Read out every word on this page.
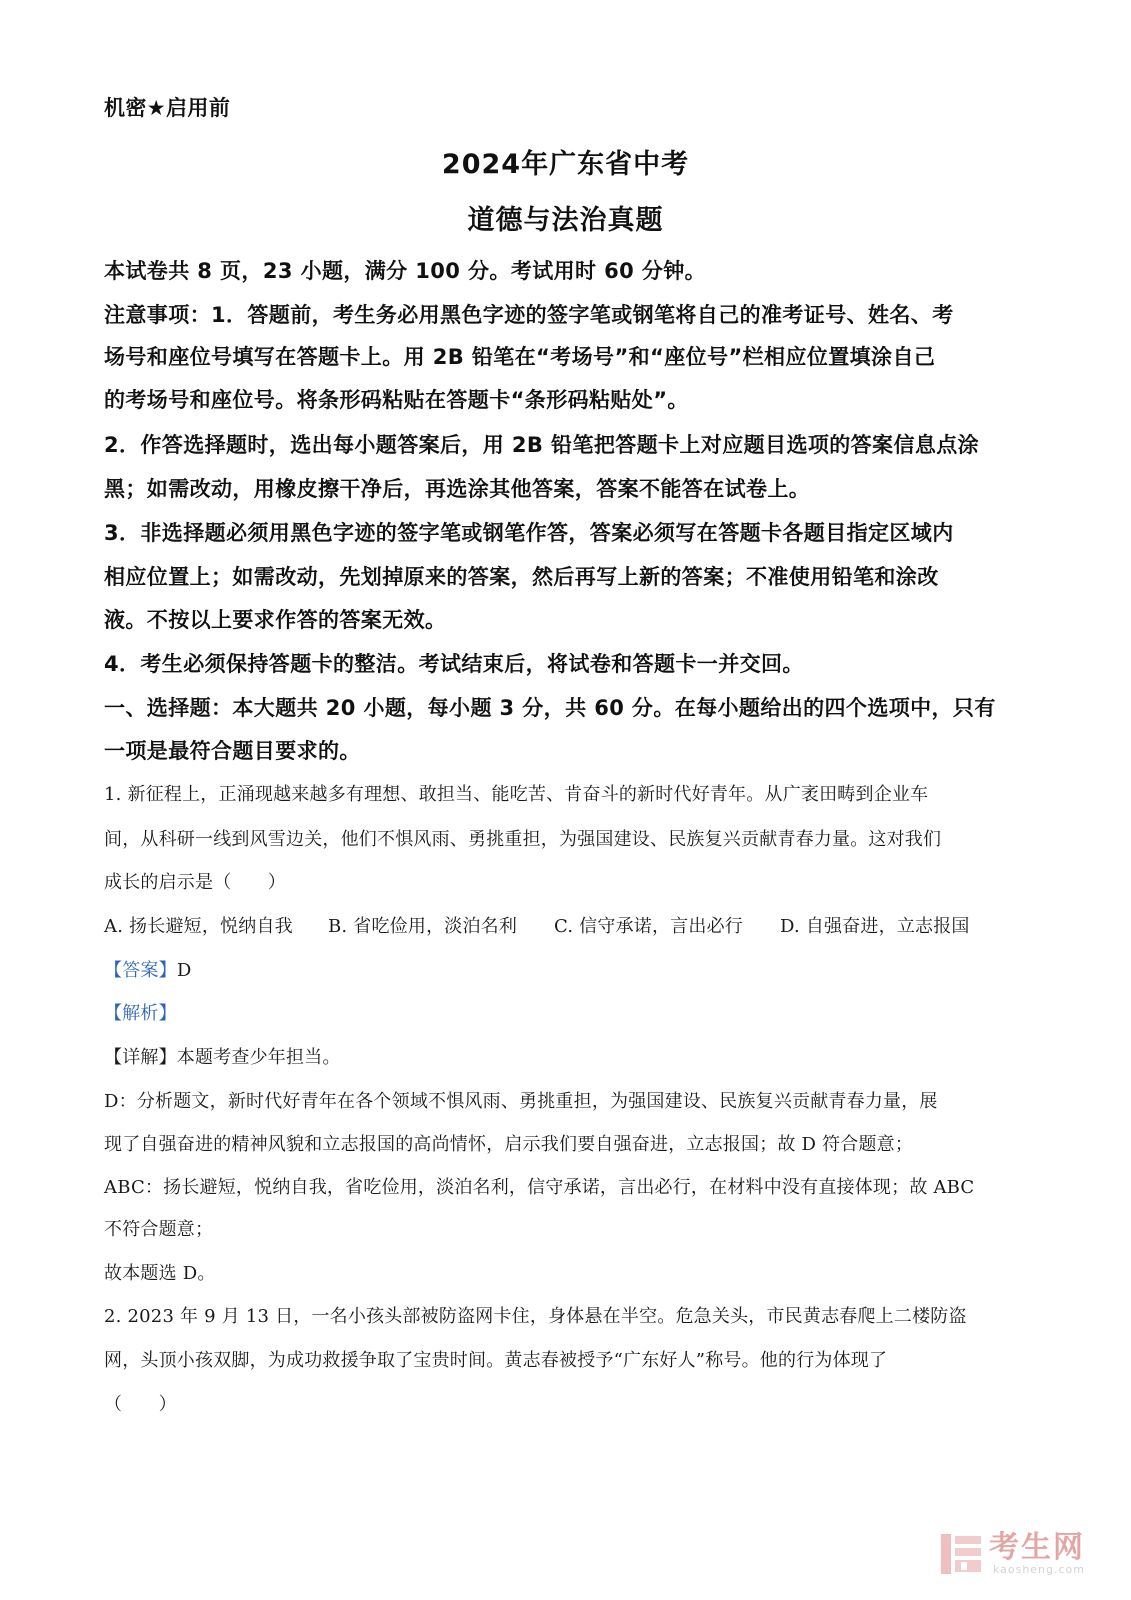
机密★启用前
2024年广东省中考
道德与法治真题
本试卷共 8 页，23 小题，满分 100 分。考试用时 60 分钟。
注意事项：1．答题前，考生务必用黑色字迹的签字笔或钢笔将自己的准考证号、姓名、考
场号和座位号填写在答题卡上。用 2B 铅笔在“考场号”和“座位号”栏相应位置填涂自己
的考场号和座位号。将条形码粘贴在答题卡“条形码粘贴处”。
2．作答选择题时，选出每小题答案后，用 2B 铅笔把答题卡上对应题目选项的答案信息点涂
黑；如需改动，用橡皮擦干净后，再选涂其他答案，答案不能答在试卷上。
3．非选择题必须用黑色字迹的签字笔或钢笔作答，答案必须写在答题卡各题目指定区域内
相应位置上；如需改动，先划掉原来的答案，然后再写上新的答案；不准使用铅笔和涂改
液。不按以上要求作答的答案无效。
4．考生必须保持答题卡的整洁。考试结束后，将试卷和答题卡一并交回。
一、选择题：本大题共 20 小题，每小题 3 分，共 60 分。在每小题给出的四个选项中，只有
一项是最符合题目要求的。
1. 新征程上，正涌现越来越多有理想、敢担当、能吃苦、肯奋斗的新时代好青年。从广袤田畴到企业车
间，从科研一线到风雪边关，他们不惧风雨、勇挑重担，为强国建设、民族复兴贡献青春力量。这对我们
成长的启示是（　　）
A. 扬长避短，悦纳自我 B. 省吃俭用，淡泊名利 C. 信守承诺，言出必行 D. 自强奋进，立志报国
【答案】D
【解析】
【详解】本题考查少年担当。
D：分析题文，新时代好青年在各个领域不惧风雨、勇挑重担，为强国建设、民族复兴贡献青春力量，展
现了自强奋进的精神风貌和立志报国的高尚情怀，启示我们要自强奋进，立志报国；故 D 符合题意；
ABC：扬长避短，悦纳自我，省吃俭用，淡泊名利，信守承诺，言出必行，在材料中没有直接体现；故 ABC
不符合题意；
故本题选 D。
2. 2023 年 9 月 13 日，一名小孩头部被防盗网卡住，身体悬在半空。危急关头，市民黄志春爬上二楼防盗
网，头顶小孩双脚，为成功救援争取了宝贵时间。黄志春被授予“广东好人”称号。他的行为体现了
（　　）
考生网
kaosheng.com
